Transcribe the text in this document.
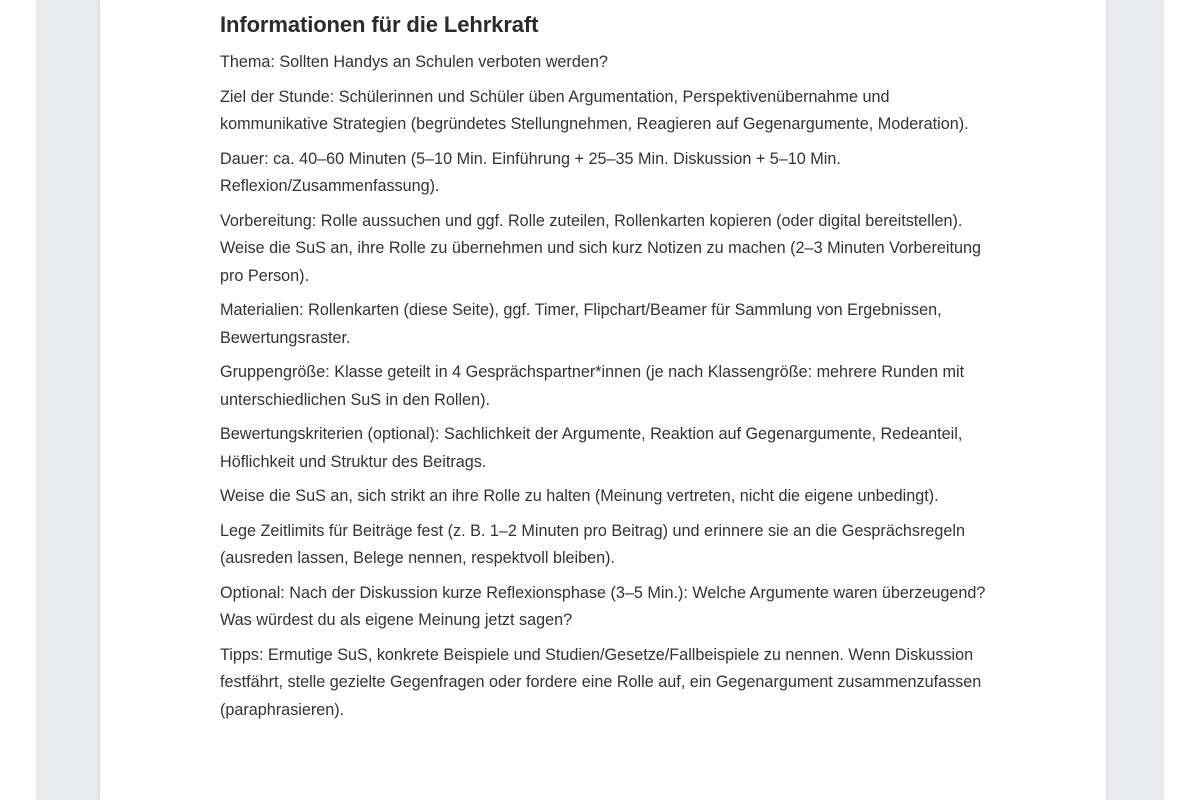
Informationen für die Lehrkraft

Thema: Sollten Handys an Schulen verboten werden?

Ziel der Stunde: Schülerinnen und Schüler üben Argumentation, Perspektivenübernahme und kommunikative Strategien (begründetes Stellungnehmen, Reagieren auf Gegenargumente, Moderation).

Dauer: ca. 40–60 Minuten (5–10 Min. Einführung + 25–35 Min. Diskussion + 5–10 Min. Reflexion/Zusammenfassung).

Vorbereitung: Rolle aussuchen und ggf. Rolle zuteilen, Rollenkarten kopieren (oder digital bereitstellen). Weise die SuS an, ihre Rolle zu übernehmen und sich kurz Notizen zu machen (2–3 Minuten Vorbereitung pro Person).

Materialien: Rollenkarten (diese Seite), ggf. Timer, Flipchart/Beamer für Sammlung von Ergebnissen, Bewertungsraster.

Gruppengröße: Klasse geteilt in 4 Gesprächspartner*innen (je nach Klassengröße: mehrere Runden mit unterschiedlichen SuS in den Rollen).

Bewertungskriterien (optional): Sachlichkeit der Argumente, Reaktion auf Gegenargumente, Redeanteil, Höflichkeit und Struktur des Beitrags.

Weise die SuS an, sich strikt an ihre Rolle zu halten (Meinung vertreten, nicht die eigene unbedingt).

Lege Zeitlimits für Beiträge fest (z. B. 1–2 Minuten pro Beitrag) und erinnere sie an die Gesprächsregeln (ausreden lassen, Belege nennen, respektvoll bleiben).

Optional: Nach der Diskussion kurze Reflexionsphase (3–5 Min.): Welche Argumente waren überzeugend? Was würdest du als eigene Meinung jetzt sagen?

Tipps: Ermutige SuS, konkrete Beispiele und Studien/Gesetze/Fallbeispiele zu nennen. Wenn Diskussion festfährt, stelle gezielte Gegenfragen oder fordere eine Rolle auf, ein Gegenargument zusammenzufassen (paraphrasieren).
